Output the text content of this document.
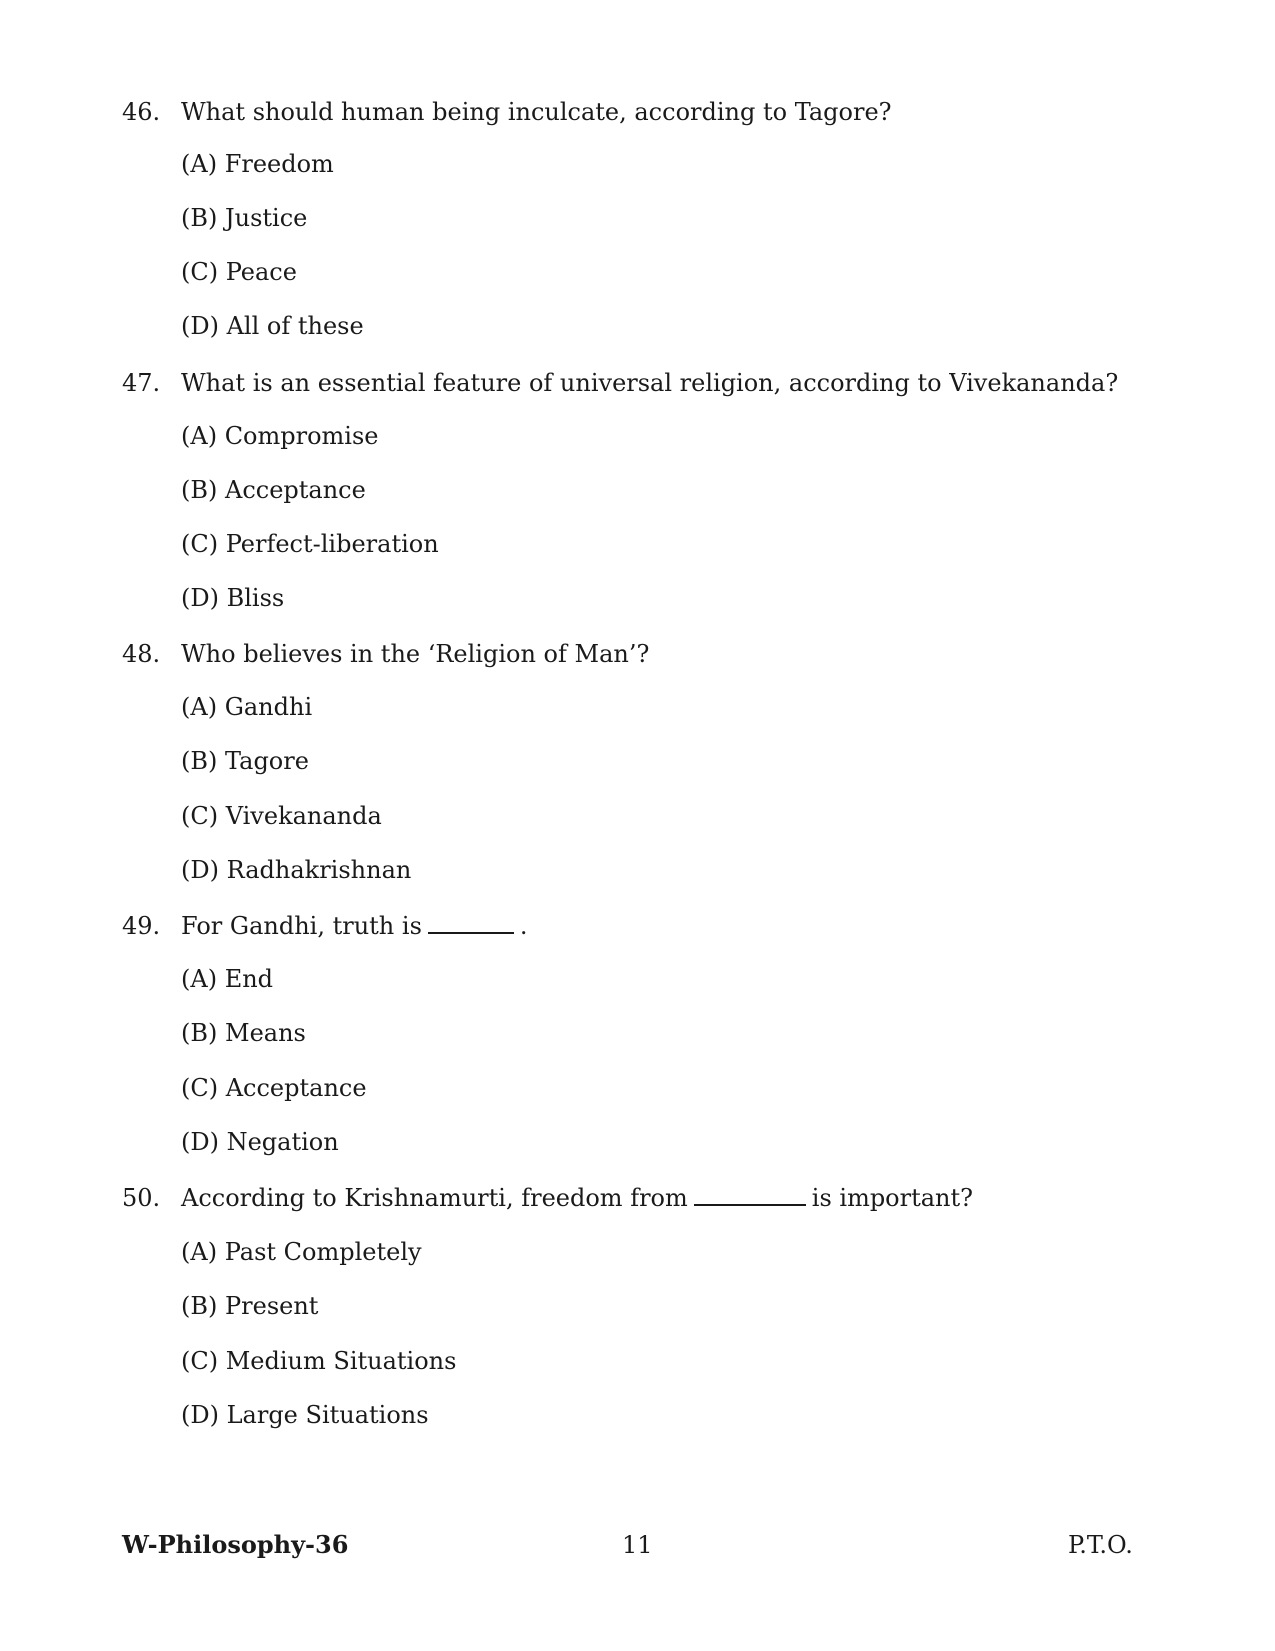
46. What should human being inculcate, according to Tagore?
(A) Freedom
(B) Justice
(C) Peace
(D) All of these
47. What is an essential feature of universal religion, according to Vivekananda?
(A) Compromise
(B) Acceptance
(C) Perfect-liberation
(D) Bliss
48. Who believes in the ‘Religion of Man’?
(A) Gandhi
(B) Tagore
(C) Vivekananda
(D) Radhakrishnan
49. For Gandhi, truth is	.
(A) End
(B) Means
(C) Acceptance
(D) Negation
50. According to Krishnamurti, freedom from	is important?
(A) Past Completely
(B) Present
(C) Medium Situations
(D) Large Situations
W-Philosophy-36	11	P.T.O.
